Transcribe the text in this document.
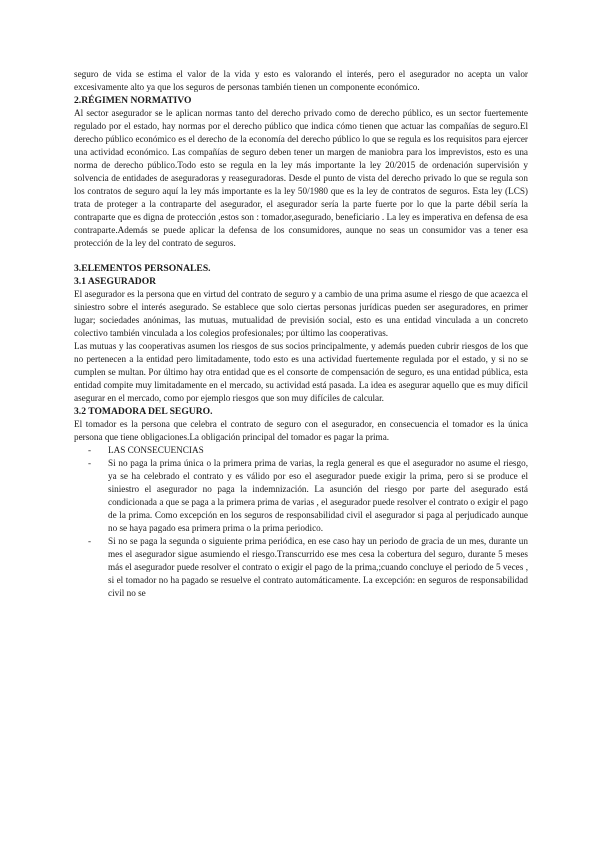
seguro de vida se estima el valor de la vida y esto es valorando el interés, pero el asegurador no acepta un valor excesivamente alto ya que los seguros de personas también tienen un componente económico.

2.RÉGIMEN NORMATIVO

Al sector asegurador se le aplican normas tanto del derecho privado como de derecho público, es un sector fuertemente regulado por el estado, hay normas por el derecho público que indica cómo tienen que actuar las compañías de seguro.El derecho público económico es el derecho de la economía del derecho público lo que se regula es los requisitos para ejercer una actividad económico. Las compañías de seguro deben tener un margen de maniobra para los imprevistos, esto es una norma de derecho público.Todo esto se regula en la ley más importante la ley 20/2015 de ordenación supervisión y solvencia de entidades de aseguradoras y reaseguradoras. Desde el punto de vista del derecho privado lo que se regula son los contratos de seguro aquí la ley más importante es la ley 50/1980 que es la ley de contratos de seguros. Esta ley (LCS) trata de proteger a la contraparte del asegurador, el asegurador sería la parte fuerte por lo que la parte débil sería la contraparte que es digna de protección ,estos son : tomador,asegurado, beneficiario . La ley es imperativa en defensa de esa contraparte.Además se puede aplicar la defensa de los consumidores, aunque no seas un consumidor vas a tener esa protección de la ley del contrato de seguros.

3.ELEMENTOS PERSONALES.

3.1 ASEGURADOR

El asegurador es la persona que en virtud del contrato de seguro y a cambio de una prima asume el riesgo de que acaezca el siniestro sobre el interés asegurado. Se establece que solo ciertas personas jurídicas pueden ser aseguradores, en primer lugar; sociedades anónimas, las mutuas, mutualidad de previsión social, esto es una entidad vinculada a un concreto colectivo también vinculada a los colegios profesionales; por último las cooperativas.

Las mutuas y las cooperativas asumen los riesgos de sus socios principalmente, y además pueden cubrir riesgos de los que no pertenecen a la entidad pero limitadamente, todo esto es una actividad fuertemente regulada por el estado, y si no se cumplen se multan. Por último hay otra entidad que es el consorte de compensación de seguro, es una entidad pública, esta entidad compite muy limitadamente en el mercado, su actividad está pasada. La idea es asegurar aquello que es muy difícil asegurar en el mercado, como por ejemplo riesgos que son muy difíciles de calcular.

3.2 TOMADORA DEL SEGURO.

El tomador es la persona que celebra el contrato de seguro con el asegurador, en consecuencia el tomador es la única persona que tiene obligaciones.La obligación principal del tomador es pagar la prima.

- LAS CONSECUENCIAS
- Si no paga la prima única o la primera prima de varias, la regla general es que el asegurador no asume el riesgo, ya se ha celebrado el contrato y es válido por eso el asegurador puede exigir la prima, pero si se produce el siniestro el asegurador no paga la indemnización. La asunción del riesgo por parte del asegurado está condicionada a que se paga a la primera prima de varias , el asegurador puede resolver el contrato o exigir el pago de la prima. Como excepción en los seguros de responsabilidad civil el asegurador si paga al perjudicado aunque no se haya pagado esa primera prima o la prima periodico.
- Si no se paga la segunda o siguiente prima periódica, en ese caso hay un periodo de gracia de un mes, durante un mes el asegurador sigue asumiendo el riesgo.Transcurrido ese mes cesa la cobertura del seguro, durante 5 meses más el asegurador puede resolver el contrato o exigir el pago de la prima,;cuando concluye el periodo de 5 veces , si el tomador no ha pagado se resuelve el contrato automáticamente. La excepción: en seguros de responsabilidad civil no se
